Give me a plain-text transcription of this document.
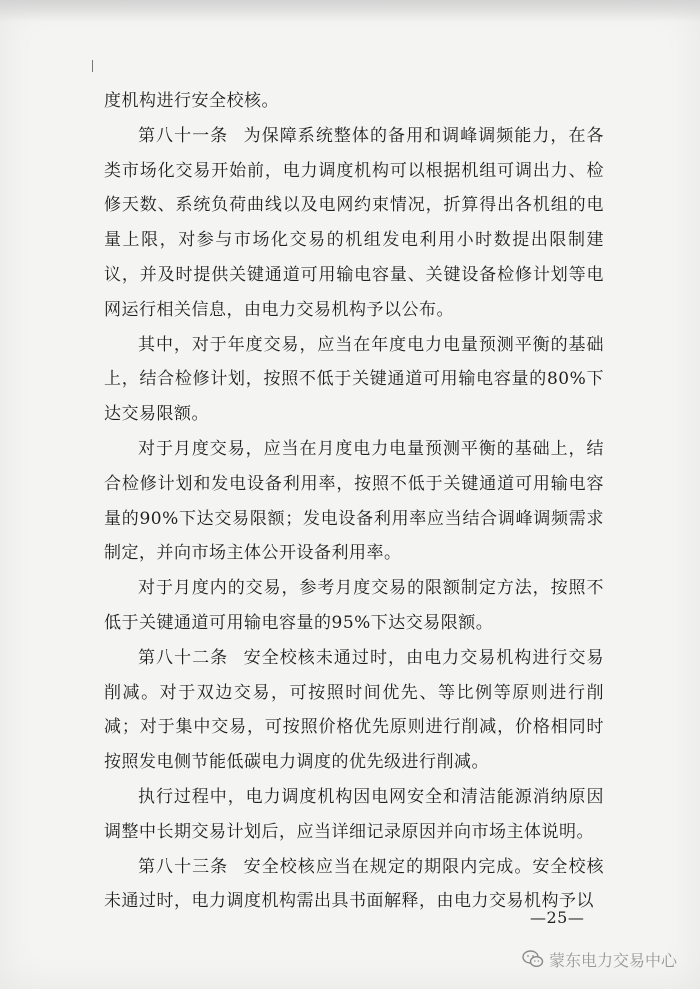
度机构进行安全校核。

第八十一条  为保障系统整体的备用和调峰调频能力，在各类市场化交易开始前，电力调度机构可以根据机组可调出力、检修天数、系统负荷曲线以及电网约束情况，折算得出各机组的电量上限，对参与市场化交易的机组发电利用小时数提出限制建议，并及时提供关键通道可用输电容量、关键设备检修计划等电网运行相关信息，由电力交易机构予以公布。

其中，对于年度交易，应当在年度电力电量预测平衡的基础上，结合检修计划，按照不低于关键通道可用输电容量的80%下达交易限额。

对于月度交易，应当在月度电力电量预测平衡的基础上，结合检修计划和发电设备利用率，按照不低于关键通道可用输电容量的90%下达交易限额；发电设备利用率应当结合调峰调频需求制定，并向市场主体公开设备利用率。

对于月度内的交易，参考月度交易的限额制定方法，按照不低于关键通道可用输电容量的95%下达交易限额。

第八十二条  安全校核未通过时，由电力交易机构进行交易削减。对于双边交易，可按照时间优先、等比例等原则进行削减；对于集中交易，可按照价格优先原则进行削减，价格相同时按照发电侧节能低碳电力调度的优先级进行削减。

执行过程中，电力调度机构因电网安全和清洁能源消纳原因调整中长期交易计划后，应当详细记录原因并向市场主体说明。

第八十三条  安全校核应当在规定的期限内完成。安全校核未通过时，电力调度机构需出具书面解释，由电力交易机构予以

—25—
蒙东电力交易中心
